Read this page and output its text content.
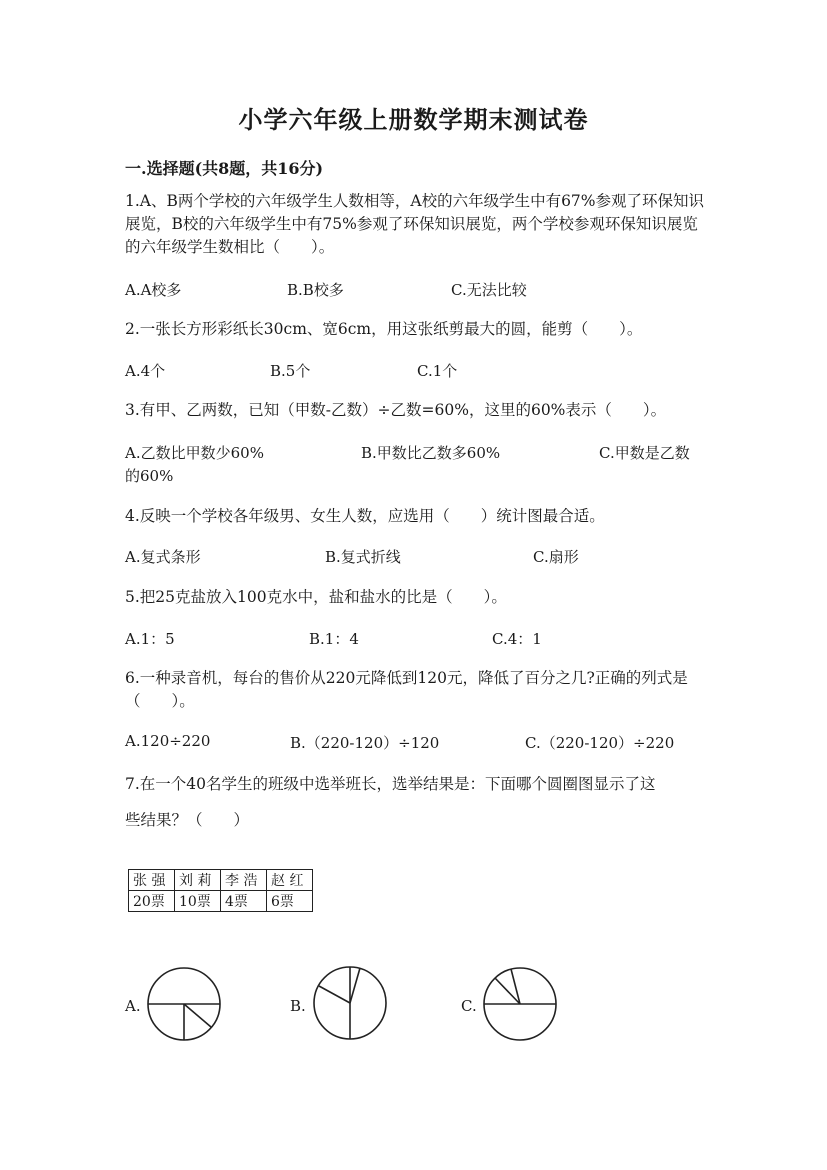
小学六年级上册数学期末测试卷
一.选择题(共8题，共16分)
1.A、B两个学校的六年级学生人数相等，A校的六年级学生中有67%参观了环保知识展览，B校的六年级学生中有75%参观了环保知识展览，两个学校参观环保知识展览的六年级学生数相比（　　）。
A.A校多	B.B校多	C.无法比较
2.一张长方形彩纸长30cm、宽6cm，用这张纸剪最大的圆，能剪（　　）。
A.4个	B.5个	C.1个
3.有甲、乙两数，已知（甲数-乙数）÷乙数=60%，这里的60%表示（　　）。
A.乙数比甲数少60%	B.甲数比乙数多60%	C.甲数是乙数
的60%
4.反映一个学校各年级男、女生人数，应选用（　　）统计图最合适。
A.复式条形	B.复式折线	C.扇形
5.把25克盐放入100克水中，盐和盐水的比是（　　）。
A.1：5	B.1：4	C.4：1
6.一种录音机，每台的售价从220元降低到120元，降低了百分之几?正确的列式是（　　）。
A.120÷220	B.（220-120）÷120	C.（220-120）÷220
7.在一个40名学生的班级中选举班长，选举结果是：下面哪个圆圈图显示了这
些结果？（　　）
张 强	刘 莉	李 浩	赵 红
20票	10票	4票	6票
A.	B.	C.
